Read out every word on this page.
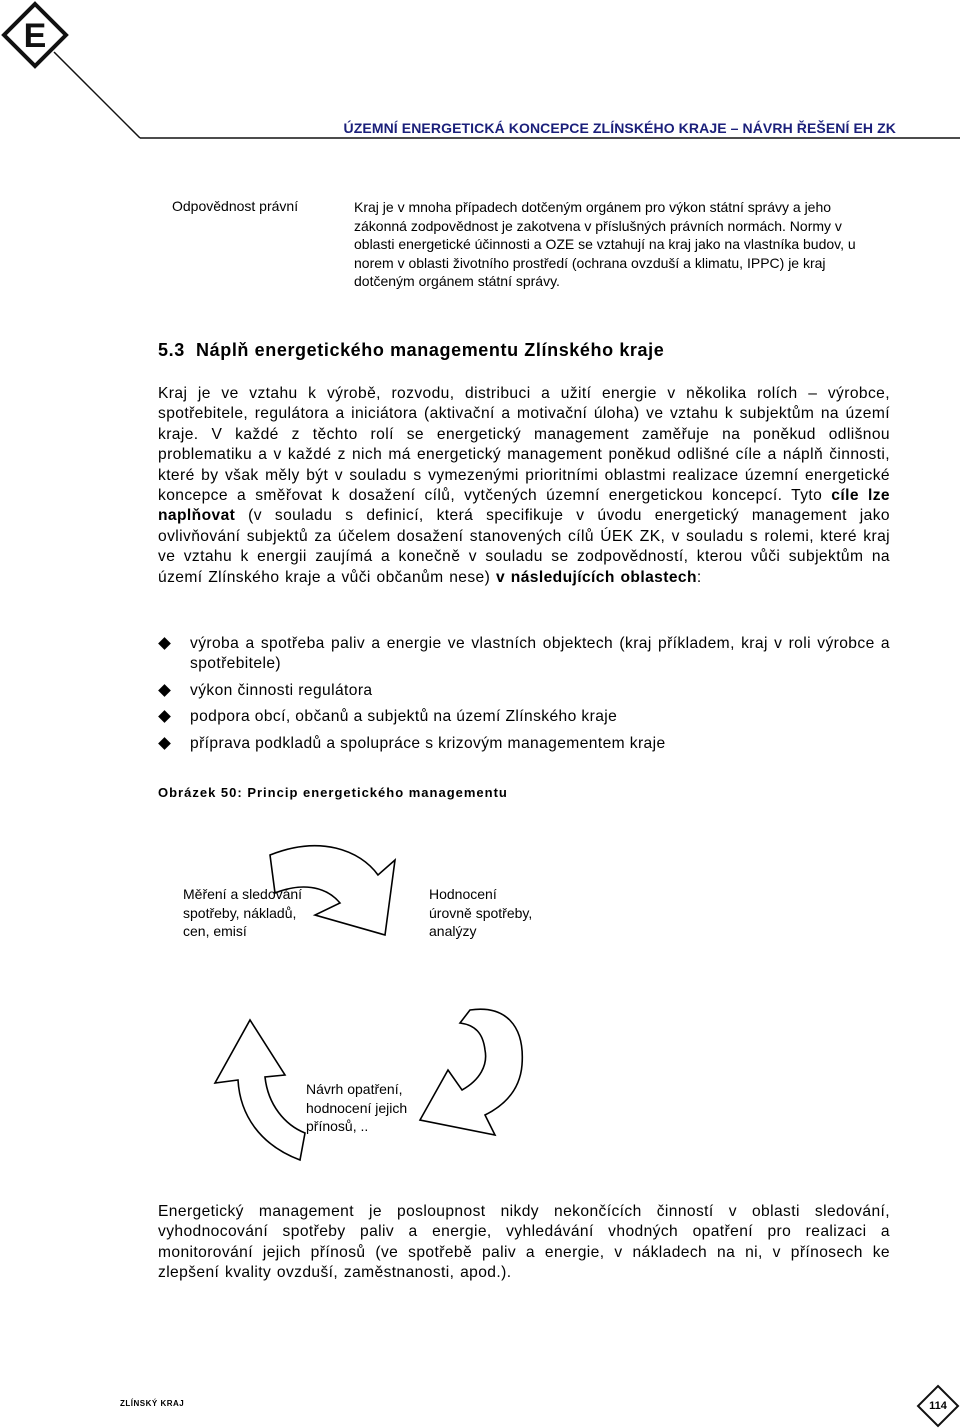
E
ÚZEMNÍ ENERGETICKÁ KONCEPCE ZLÍNSKÉHO KRAJE – NÁVRH ŘEŠENÍ EH ZK
Odpovědnost právní	Kraj je v mnoha případech dotčeným orgánem pro výkon státní správy a jeho zákonná zodpovědnost je zakotvena v příslušných právních normách. Normy v oblasti energetické účinnosti a OZE se vztahují na kraj jako na vlastníka budov, u norem v oblasti životního prostředí (ochrana ovzduší a klimatu, IPPC) je kraj dotčeným orgánem státní správy.
5.3 Náplň energetického managementu Zlínského kraje
Kraj je ve vztahu k výrobě, rozvodu, distribuci a užití energie v několika rolích – výrobce, spotřebitele, regulátora a iniciátora (aktivační a motivační úloha) ve vztahu k subjektům na území kraje. V každé z těchto rolí se energetický management zaměřuje na poněkud odlišnou problematiku a v každé z nich má energetický management poněkud odlišné cíle a náplň činnosti, které by však měly být v souladu s vymezenými prioritními oblastmi realizace územní energetické koncepce a směřovat k dosažení cílů, vytčených územní energetickou koncepcí. Tyto cíle lze naplňovat (v souladu s definicí, která specifikuje v úvodu energetický management jako ovlivňování subjektů za účelem dosažení stanovených cílů ÚEK ZK, v souladu s rolemi, které kraj ve vztahu k energii zaujímá a konečně v souladu se zodpovědností, kterou vůči subjektům na území Zlínského kraje a vůči občanům nese) v následujících oblastech:
výroba a spotřeba paliv a energie ve vlastních objektech (kraj příkladem, kraj v roli výrobce a spotřebitele)
výkon činnosti regulátora
podpora obcí, občanů a subjektů na území Zlínského kraje
příprava podkladů a spolupráce s krizovým managementem kraje
Obrázek 50: Princip energetického managementu
Měření a sledování spotřeby, nákladů, cen, emisí
Hodnocení úrovně spotřeby, analýzy
Návrh opatření, hodnocení jejich přínosů, ..
Energetický management je posloupnost nikdy nekončících činností v oblasti sledování, vyhodnocování spotřeby paliv a energie, vyhledávání vhodných opatření pro realizaci a monitorování jejich přínosů (ve spotřebě paliv a energie, v nákladech na ni, v přínosech ke zlepšení kvality ovzduší, zaměstnanosti, apod.).
ZLÍNSKÝ KRAJ	114
